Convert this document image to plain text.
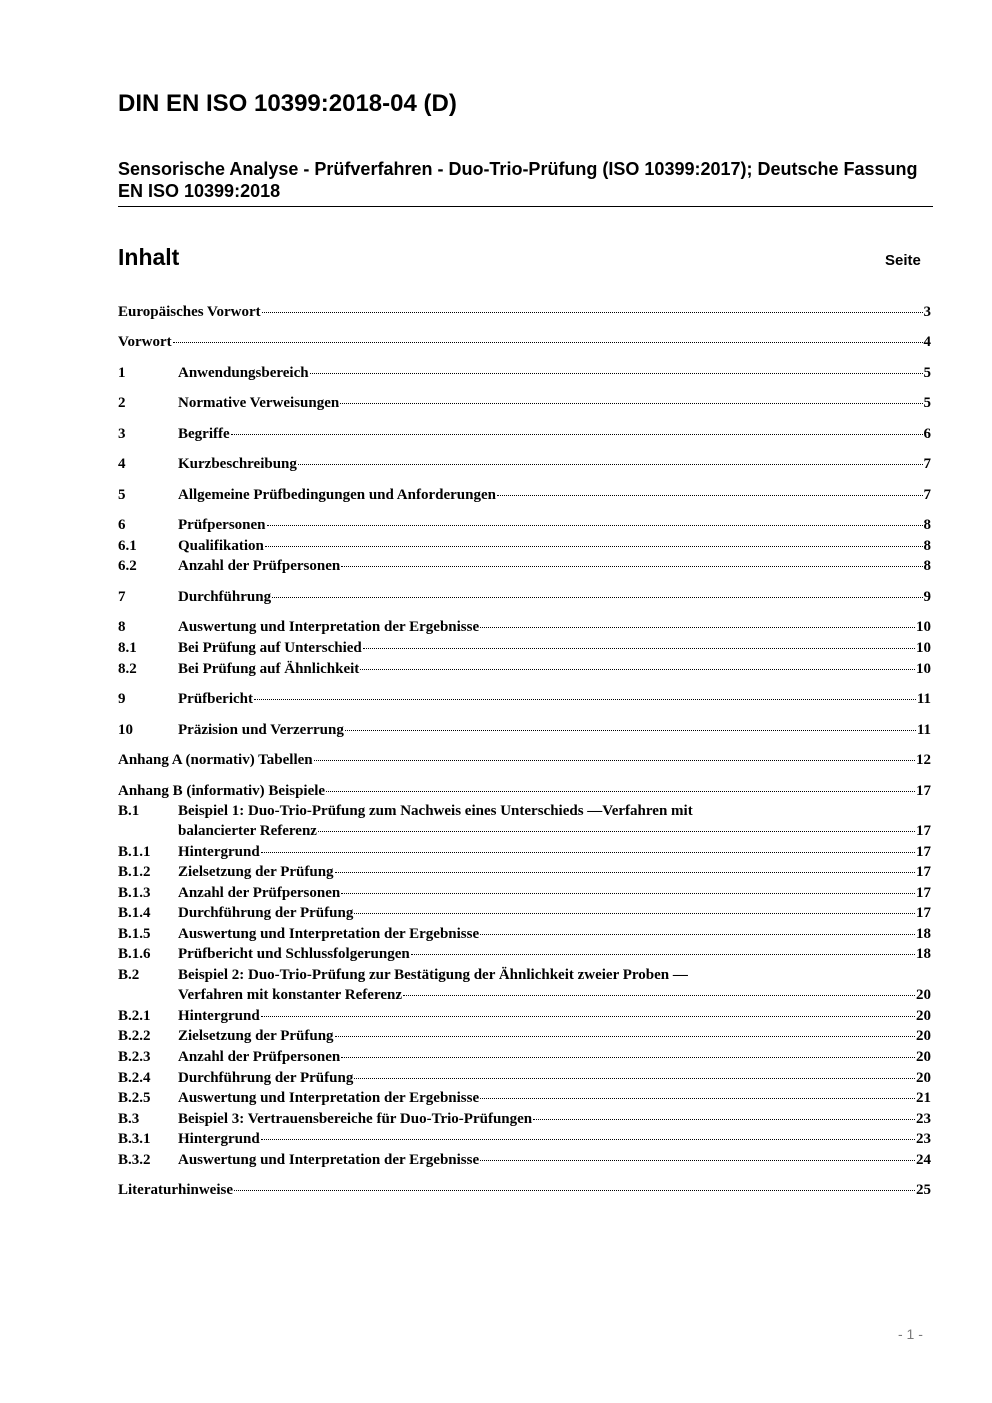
DIN EN ISO 10399:2018-04 (D)
Sensorische Analyse - Prüfverfahren - Duo-Trio-Prüfung (ISO 10399:2017); Deutsche Fassung EN ISO 10399:2018
Inhalt	Seite
Europäisches Vorwort	3
Vorwort	4
1	Anwendungsbereich	5
2	Normative Verweisungen	5
3	Begriffe	6
4	Kurzbeschreibung	7
5	Allgemeine Prüfbedingungen und Anforderungen	7
6	Prüfpersonen	8
6.1	Qualifikation	8
6.2	Anzahl der Prüfpersonen	8
7	Durchführung	9
8	Auswertung und Interpretation der Ergebnisse	10
8.1	Bei Prüfung auf Unterschied	10
8.2	Bei Prüfung auf Ähnlichkeit	10
9	Prüfbericht	11
10	Präzision und Verzerrung	11
Anhang A (normativ) Tabellen	12
Anhang B (informativ) Beispiele	17
B.1	Beispiel 1: Duo-Trio-Prüfung zum Nachweis eines Unterschieds —Verfahren mit
balancierter Referenz	17
B.1.1	Hintergrund	17
B.1.2	Zielsetzung der Prüfung	17
B.1.3	Anzahl der Prüfpersonen	17
B.1.4	Durchführung der Prüfung	17
B.1.5	Auswertung und Interpretation der Ergebnisse	18
B.1.6	Prüfbericht und Schlussfolgerungen	18
B.2	Beispiel 2: Duo-Trio-Prüfung zur Bestätigung der Ähnlichkeit zweier Proben —
Verfahren mit konstanter Referenz	20
B.2.1	Hintergrund	20
B.2.2	Zielsetzung der Prüfung	20
B.2.3	Anzahl der Prüfpersonen	20
B.2.4	Durchführung der Prüfung	20
B.2.5	Auswertung und Interpretation der Ergebnisse	21
B.3	Beispiel 3: Vertrauensbereiche für Duo-Trio-Prüfungen	23
B.3.1	Hintergrund	23
B.3.2	Auswertung und Interpretation der Ergebnisse	24
Literaturhinweise	25
- 1 -
